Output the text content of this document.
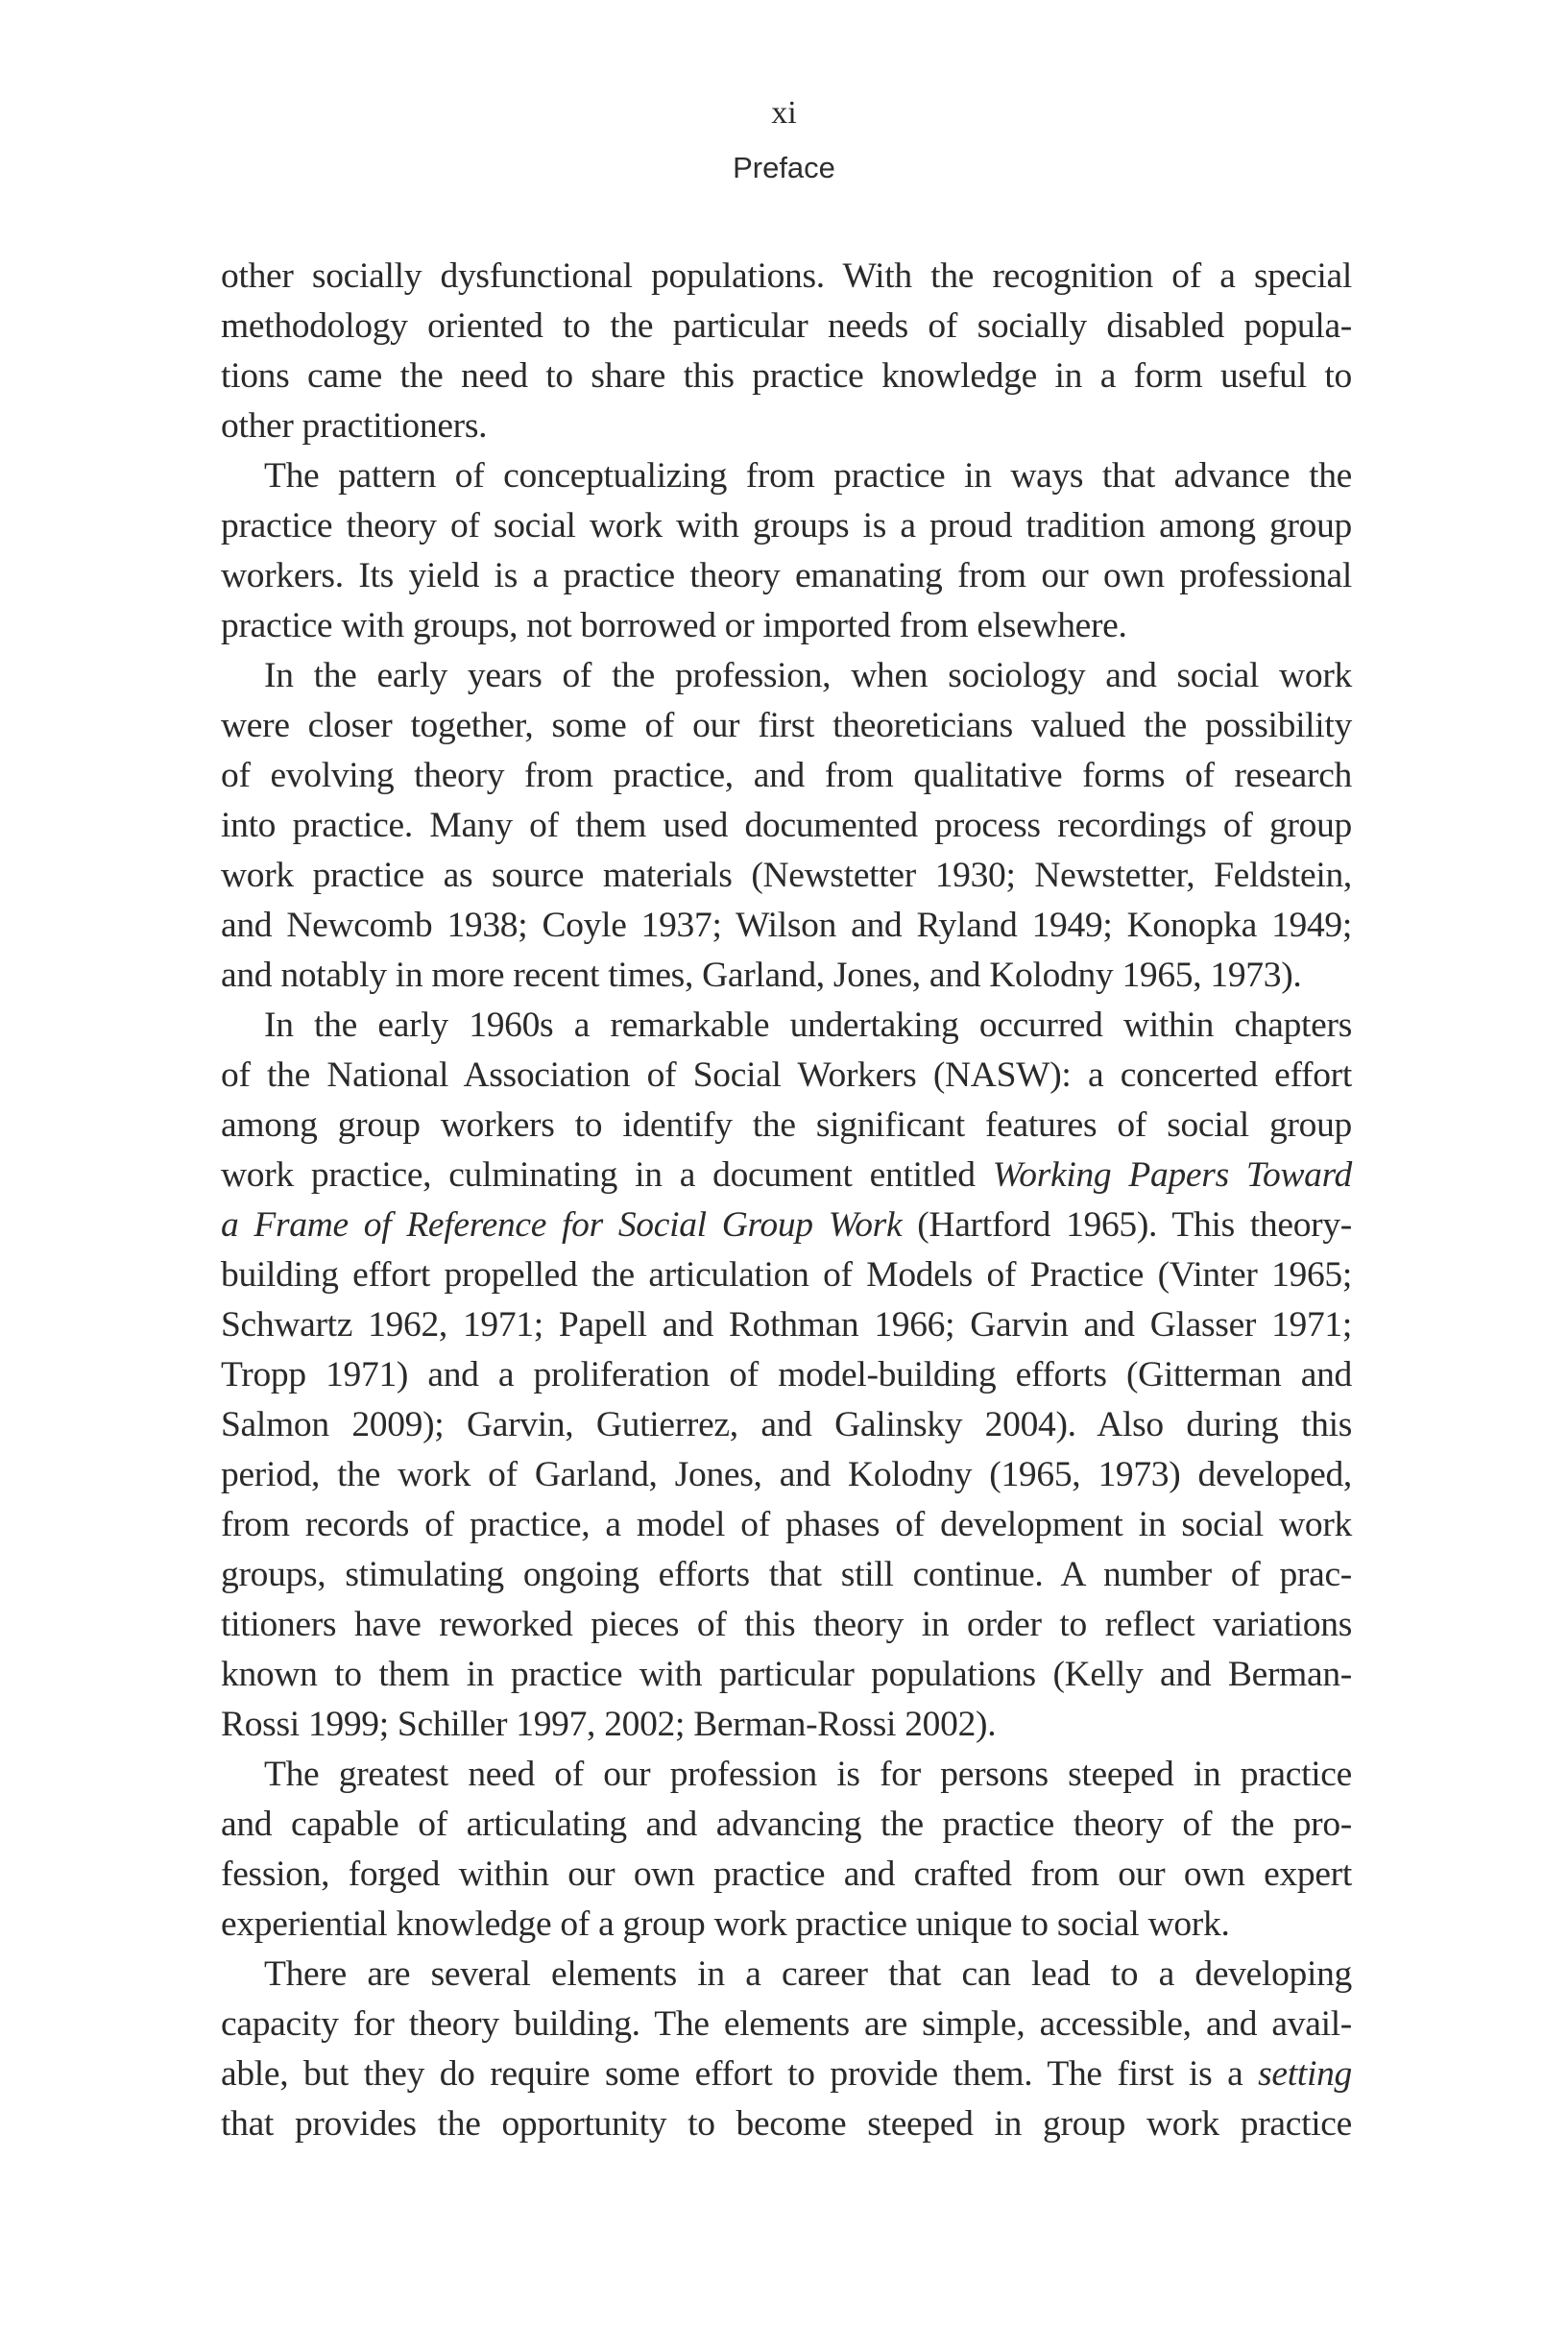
xi
Preface
other socially dysfunctional populations. With the recognition of a special
methodology oriented to the particular needs of socially disabled popula-
tions came the need to share this practice knowledge in a form useful to
other practitioners.
The pattern of conceptualizing from practice in ways that advance the
practice theory of social work with groups is a proud tradition among group
workers. Its yield is a practice theory emanating from our own professional
practice with groups, not borrowed or imported from elsewhere.
In the early years of the profession, when sociology and social work
were closer together, some of our first theoreticians valued the possibility
of evolving theory from practice, and from qualitative forms of research
into practice. Many of them used documented process recordings of group
work practice as source materials (Newstetter 1930; Newstetter, Feldstein,
and Newcomb 1938; Coyle 1937; Wilson and Ryland 1949; Konopka 1949;
and notably in more recent times, Garland, Jones, and Kolodny 1965, 1973).
In the early 1960s a remarkable undertaking occurred within chapters
of the National Association of Social Workers (NASW): a concerted effort
among group workers to identify the significant features of social group
work practice, culminating in a document entitled Working Papers Toward
a Frame of Reference for Social Group Work (Hartford 1965). This theory-
building effort propelled the articulation of Models of Practice (Vinter 1965;
Schwartz 1962, 1971; Papell and Rothman 1966; Garvin and Glasser 1971;
Tropp 1971) and a proliferation of model-building efforts (Gitterman and
Salmon 2009); Garvin, Gutierrez, and Galinsky 2004). Also during this
period, the work of Garland, Jones, and Kolodny (1965, 1973) developed,
from records of practice, a model of phases of development in social work
groups, stimulating ongoing efforts that still continue. A number of prac-
titioners have reworked pieces of this theory in order to reflect variations
known to them in practice with particular populations (Kelly and Berman-
Rossi 1999; Schiller 1997, 2002; Berman-Rossi 2002).
The greatest need of our profession is for persons steeped in practice
and capable of articulating and advancing the practice theory of the pro-
fession, forged within our own practice and crafted from our own expert
experiential knowledge of a group work practice unique to social work.
There are several elements in a career that can lead to a developing
capacity for theory building. The elements are simple, accessible, and avail-
able, but they do require some effort to provide them. The first is a setting
that provides the opportunity to become steeped in group work practice
